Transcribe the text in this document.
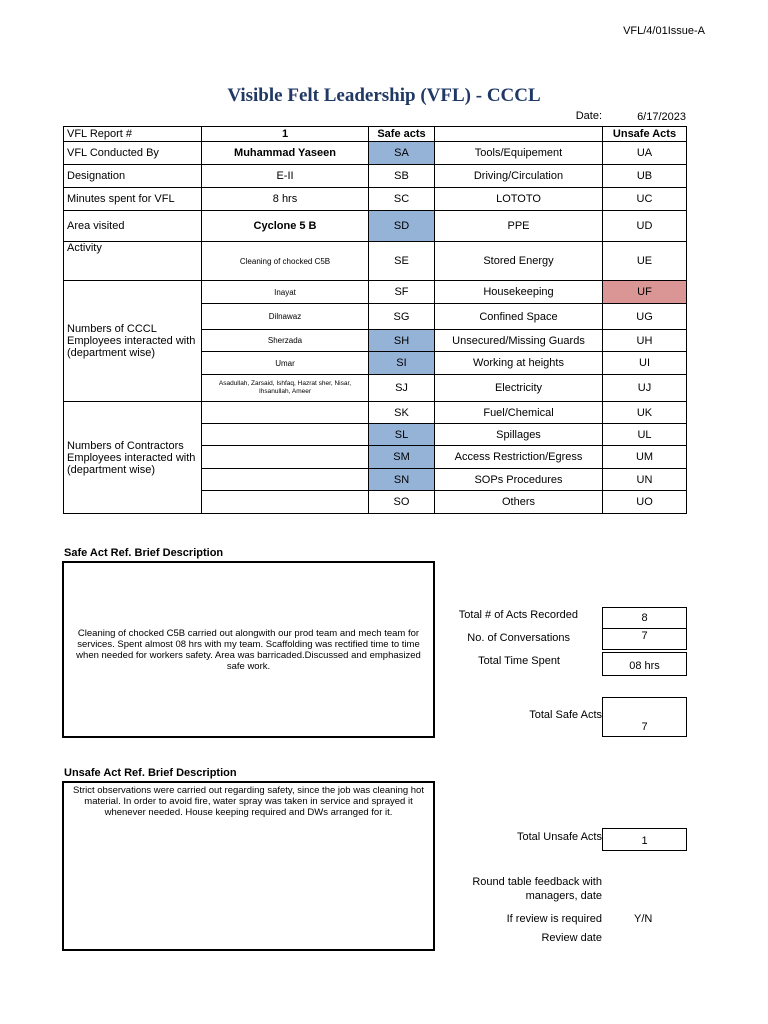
VFL/4/01Issue-A
Visible Felt Leadership (VFL) - CCCL
Date:	6/17/2023
VFL Report #	1	Safe acts		Unsafe Acts
VFL Conducted By	Muhammad Yaseen	SA	Tools/Equipement	UA
Designation	E-II	SB	Driving/Circulation	UB
Minutes spent for VFL	8 hrs	SC	LOTOTO	UC
Area visited	Cyclone 5 B	SD	PPE	UD
Activity	Cleaning of chocked C5B	SE	Stored Energy	UE
Numbers of CCCL Employees interacted with (department wise)	Inayat	SF	Housekeeping	UF
	Dilnawaz	SG	Confined Space	UG
	Sherzada	SH	Unsecured/Missing Guards	UH
	Umar	SI	Working at heights	UI
	Asadullah, Zarsaid, Ishfaq, Hazrat sher, Nisar, Ihsanullah, Ameer	SJ	Electricity	UJ
Numbers of Contractors Employees interacted with (department wise)		SK	Fuel/Chemical	UK
		SL	Spillages	UL
		SM	Access Restriction/Egress	UM
		SN	SOPs Procedures	UN
		SO	Others	UO
Safe Act Ref. Brief Description
Cleaning of chocked C5B carried out alongwith our prod team and mech team for services. Spent almost 08 hrs with my team. Scaffolding was rectified time to time when needed for workers safety. Area was barricaded.Discussed and emphasized safe work.
Unsafe Act Ref. Brief Description
Strict observations were carried out regarding safety, since the job was cleaning hot material. In order to avoid fire, water spray was taken in service and sprayed it whenever needed. House keeping required and DWs arranged for it.
Total # of Acts Recorded	8
No. of Conversations	7
Total Time Spent	08 hrs
Total Safe Acts
7
Total Unsafe Acts	1
Round table feedback with managers, date
If review is required	Y/N
Review date
